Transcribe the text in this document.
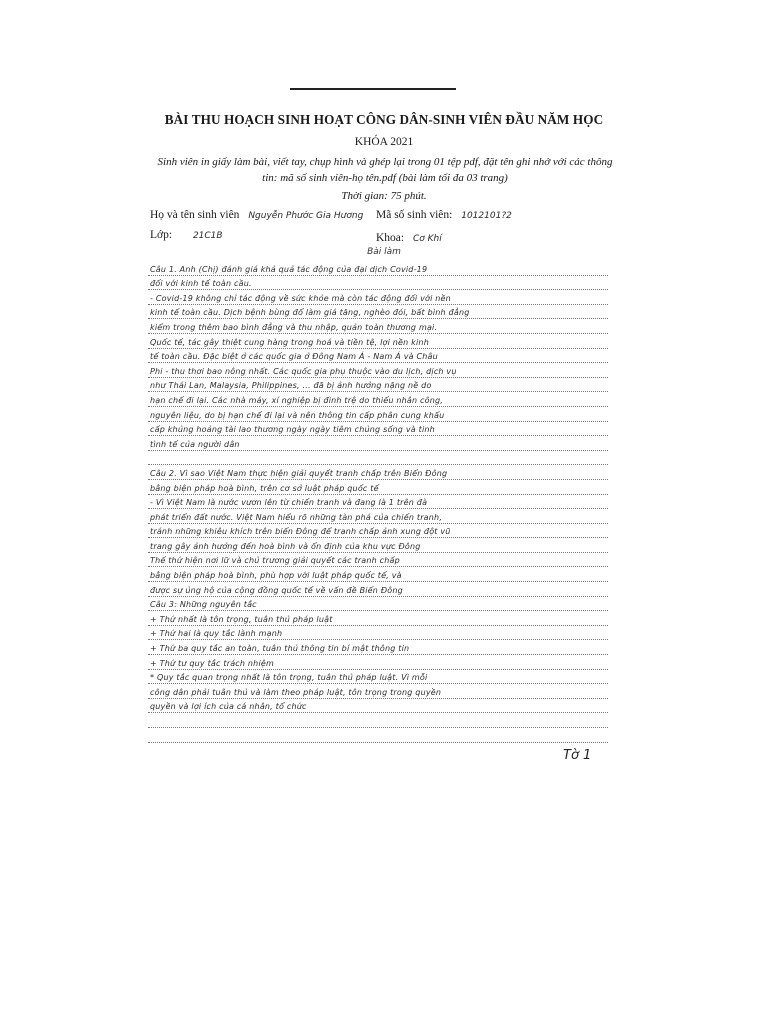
BÀI THU HOẠCH SINH HOẠT CÔNG DÂN-SINH VIÊN ĐẦU NĂM HỌC
KHÓA 2021
Sinh viên in giấy làm bài, viết tay, chụp hình và ghép lại trong 01 tệp pdf, đặt tên ghi nhớ với các thông tin: mã số sinh viên-họ tên.pdf (bài làm tối đa 03 trang)
Thời gian: 75 phút.
Họ và tên sinh viên Nguyễn Phước Gia Hương Mã số sinh viên: 1012101?2
Lớp: 21C1B	Khoa: Cơ Khí
Bài làm
Câu 1. Anh (Chị) đánh giá khả quả tác động của đại dịch Covid-19
đối với kinh tế toàn cầu.
- Covid-19 không chỉ tác động về sức khỏe mà còn tác động đối với nền
kinh tế toàn cầu. Dịch bệnh bùng đổ làm giá tăng, nghèo đói, bất bình đẳng
kiểm trong thêm bao bình đẳng và thu nhập, quản toàn thương mại.
Quốc tế, tác gây thiệt cung hàng trong hoá và tiền tệ, lợi nền kinh
tế toàn cầu. Đặc biệt ở các quốc gia ở Đông Nam Á - Nam Á và Châu
Phi - thu thơi bao nông nhất. Các quốc gia phụ thuộc vào du lịch, dịch vụ
như Thái Lan, Malaysia, Philippines, ... đã bị ảnh hưởng nặng nề do
hạn chế đi lại. Các nhà máy, xí nghiệp bị đình trệ do thiếu nhân công,
nguyên liệu, do bị hạn chế đi lại và nên thông tin cấp phân cung khẩu
cấp khủng hoảng tài lao thương ngày ngày tiêm chủng sống và tinh
tình tế của người dân
Câu 2. Vì sao Việt Nam thực hiện giải quyết tranh chấp trên Biển Đông
bằng biện pháp hoà bình, trên cơ sở luật pháp quốc tế
- Vì Việt Nam là nước vươn lên từ chiến tranh và đang là 1 trên đà
phát triển đất nước. Việt Nam hiểu rõ những tàn phá của chiến tranh,
tránh những khiêu khích trên biển Đông để tranh chấp ảnh xung đột vũ
trang gây ảnh hưởng đến hoà bình và ổn định của khu vực Đông
Thế thứ hiện nơi lữ và chủ trương giải quyết các tranh chấp
bằng biện pháp hoà bình, phù hợp với luật pháp quốc tế, và
được sự ủng hộ của cộng đồng quốc tế về vấn đề Biển Đông
Câu 3: Những nguyên tắc
+ Thứ nhất là tôn trọng, tuân thủ pháp luật
+ Thứ hai là quy tắc lành mạnh
+ Thứ ba quy tắc an toàn, tuân thủ thông tin bí mật thông tin
+ Thứ tư quy tắc trách nhiệm
* Quy tắc quan trọng nhất là tôn trọng, tuân thủ pháp luật. Vì mỗi
công dân phải tuân thủ và làm theo pháp luật, tôn trọng trong quyền
quyền và lợi ích của cá nhân, tổ chức
Tờ 1
